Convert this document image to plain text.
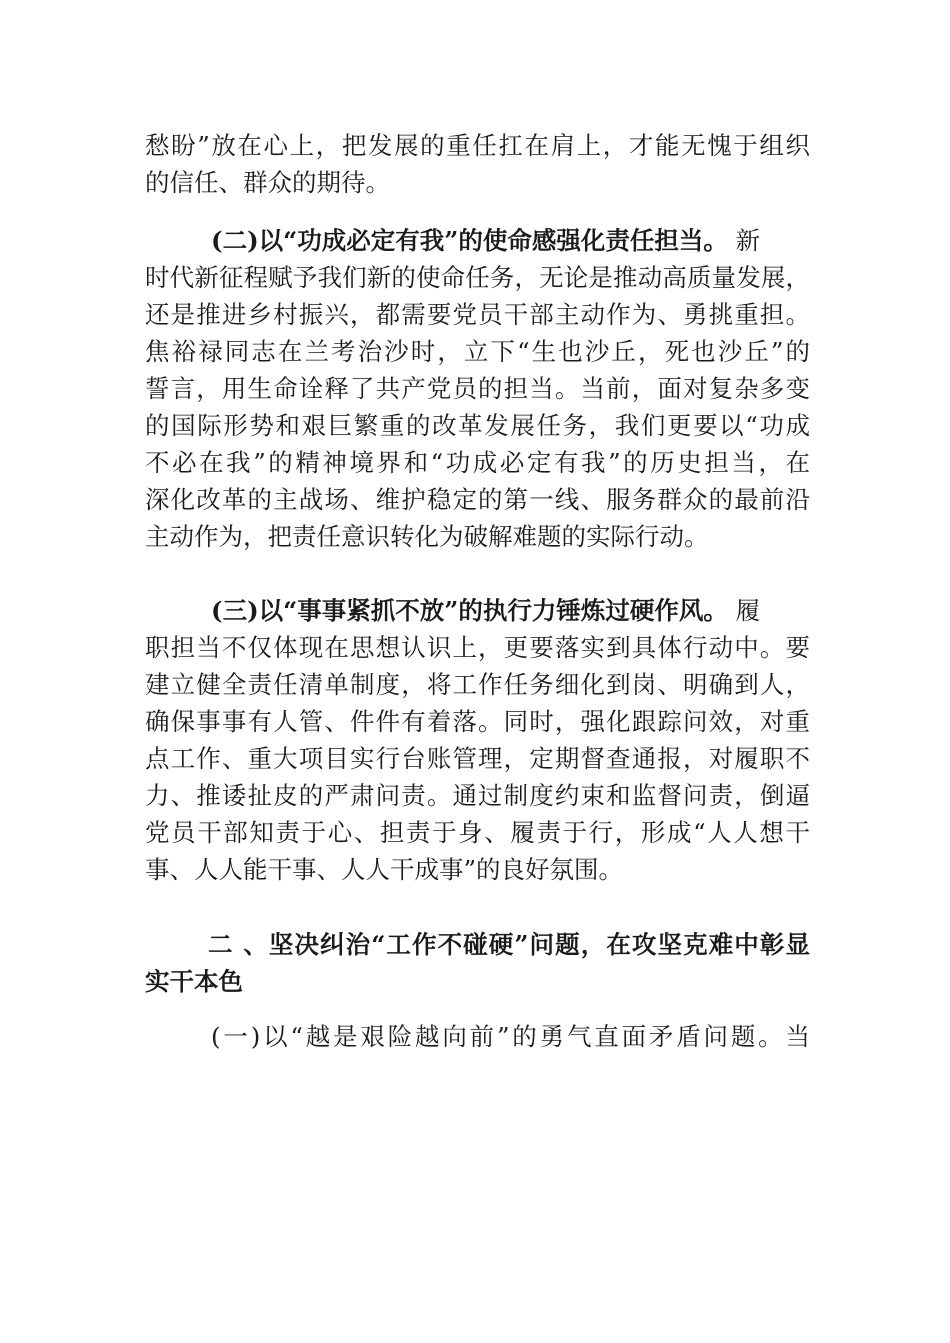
愁盼”放在心上，把发展的重任扛在肩上，才能无愧于组织
的信任、群众的期待。
(二)以“功成必定有我”的使命感强化责任担当。 新
时代新征程赋予我们新的使命任务，无论是推动高质量发展，
还是推进乡村振兴，都需要党员干部主动作为、勇挑重担。
焦裕禄同志在兰考治沙时，立下“生也沙丘，死也沙丘”的
誓言，用生命诠释了共产党员的担当。当前，面对复杂多变
的国际形势和艰巨繁重的改革发展任务，我们更要以“功成
不必在我”的精神境界和“功成必定有我”的历史担当，在
深化改革的主战场、维护稳定的第一线、服务群众的最前沿
主动作为，把责任意识转化为破解难题的实际行动。
(三)以“事事紧抓不放”的执行力锤炼过硬作风。 履
职担当不仅体现在思想认识上，更要落实到具体行动中。要
建立健全责任清单制度，将工作任务细化到岗、明确到人，
确保事事有人管、件件有着落。同时，强化跟踪问效，对重
点工作、重大项目实行台账管理，定期督查通报，对履职不
力、推诿扯皮的严肃问责。通过制度约束和监督问责，倒逼
党员干部知责于心、担责于身、履责于行，形成“人人想干
事、人人能干事、人人干成事”的良好氛围。
二 、坚决纠治“工作不碰硬”问题，在攻坚克难中彰显
实干本色
(一)以“越是艰险越向前”的勇气直面矛盾问题。当
